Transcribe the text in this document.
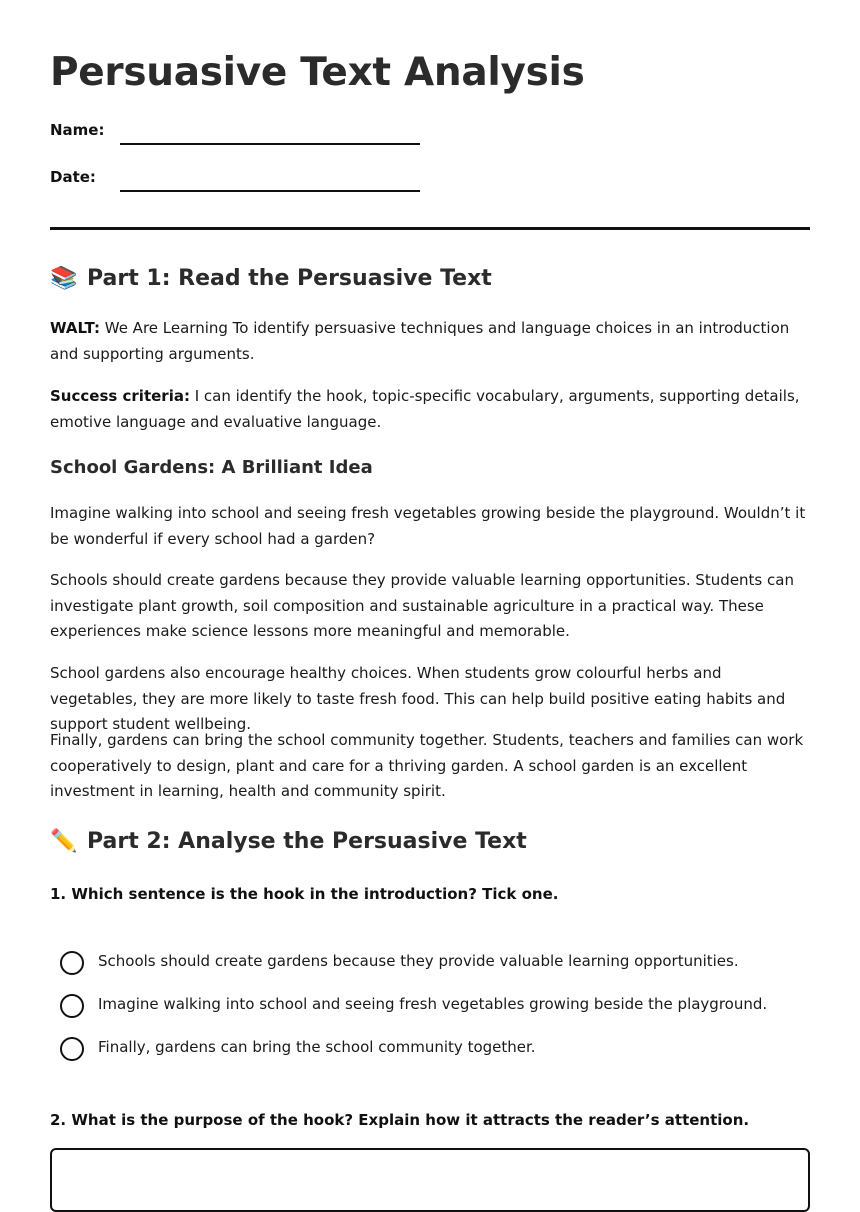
Persuasive Text Analysis
Name:
Date:
📚 Part 1: Read the Persuasive Text

WALT: We Are Learning To identify persuasive techniques and language choices in an introduction and supporting arguments.

Success criteria: I can identify the hook, topic-specific vocabulary, arguments, supporting details, emotive language and evaluative language.

School Gardens: A Brilliant Idea

Imagine walking into school and seeing fresh vegetables growing beside the playground. Wouldn’t it be wonderful if every school had a garden?

Schools should create gardens because they provide valuable learning opportunities. Students can investigate plant growth, soil composition and sustainable agriculture in a practical way. These experiences make science lessons more meaningful and memorable.

School gardens also encourage healthy choices. When students grow colourful herbs and vegetables, they are more likely to taste fresh food. This can help build positive eating habits and support student wellbeing.

Finally, gardens can bring the school community together. Students, teachers and families can work cooperatively to design, plant and care for a thriving garden. A school garden is an excellent investment in learning, health and community spirit.

✏️ Part 2: Analyse the Persuasive Text

1. Which sentence is the hook in the introduction? Tick one.

Schools should create gardens because they provide valuable learning opportunities.
Imagine walking into school and seeing fresh vegetables growing beside the playground.
Finally, gardens can bring the school community together.

2. What is the purpose of the hook? Explain how it attracts the reader’s attention.
